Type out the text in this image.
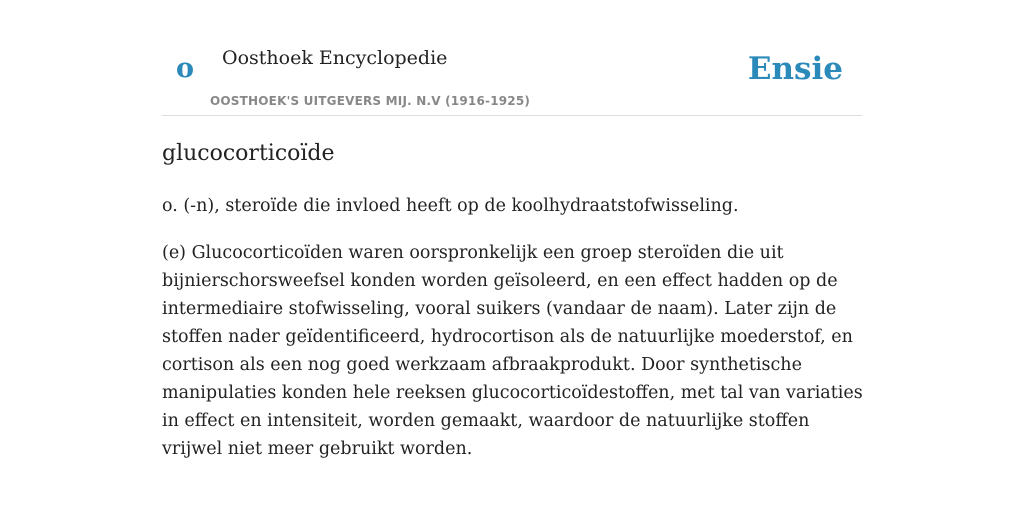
o Oosthoek Encyclopedie
OOSTHOEK'S UITGEVERS MIJ. N.V (1916-1925)
Ensie
glucocorticoïde

o. (-n), steroïde die invloed heeft op de koolhydraatstofwisseling.

(e) Glucocorticoïden waren oorspronkelijk een groep steroïden die uit bijnierschorsweefsel konden worden geïsoleerd, en een effect hadden op de intermediaire stofwisseling, vooral suikers (vandaar de naam). Later zijn de stoffen nader geïdentificeerd, hydrocortison als de natuurlijke moederstof, en cortison als een nog goed werkzaam afbraakprodukt. Door synthetische manipulaties konden hele reeksen glucocorticoïdestoffen, met tal van variaties in effect en intensiteit, worden gemaakt, waardoor de natuurlijke stoffen vrijwel niet meer gebruikt worden.
